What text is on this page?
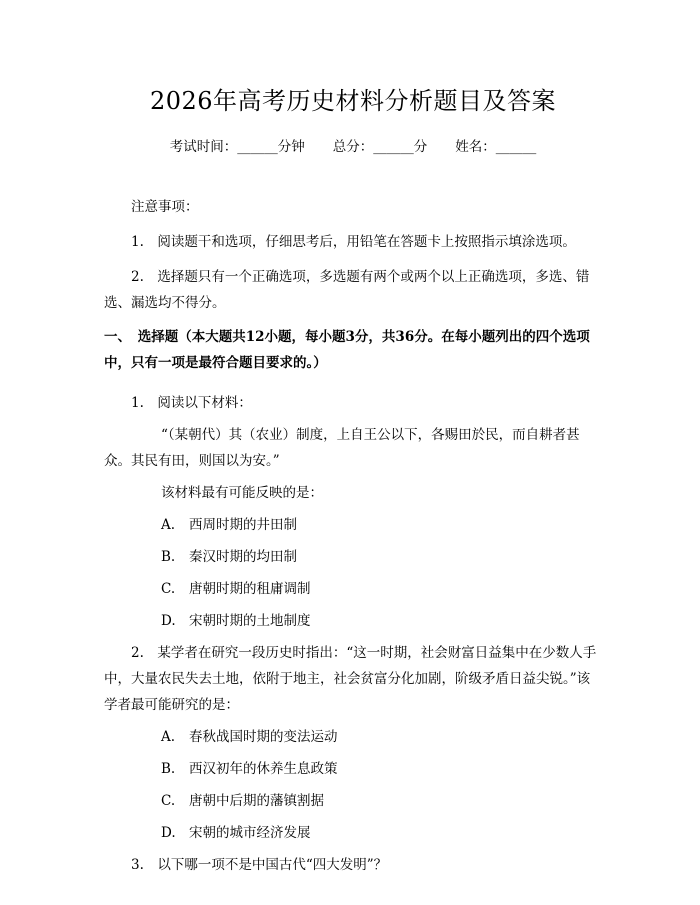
2026年高考历史材料分析题目及答案
考试时间：______分钟 总分：______分 姓名：______

注意事项：

1.　阅读题干和选项，仔细思考后，用铅笔在答题卡上按照指示填涂选项。

2.　选择题只有一个正确选项，多选题有两个或两个以上正确选项，多选、错选、漏选均不得分。

一、　选择题（本大题共12小题，每小题3分，共36分。在每小题列出的四个选项中，只有一项是最符合题目要求的。）

1.　阅读以下材料：

“（某朝代）其（农业）制度，上自王公以下，各赐田於民，而自耕者甚众。其民有田，则国以为安。”

该材料最有可能反映的是：

A. 西周时期的井田制
B. 秦汉时期的均田制
C. 唐朝时期的租庸调制
D. 宋朝时期的土地制度

2.　某学者在研究一段历史时指出：“这一时期，社会财富日益集中在少数人手中，大量农民失去土地，依附于地主，社会贫富分化加剧，阶级矛盾日益尖锐。”该学者最可能研究的是：

A. 春秋战国时期的变法运动
B. 西汉初年的休养生息政策
C. 唐朝中后期的藩镇割据
D. 宋朝的城市经济发展

3.　以下哪一项不是中国古代“四大发明”？
